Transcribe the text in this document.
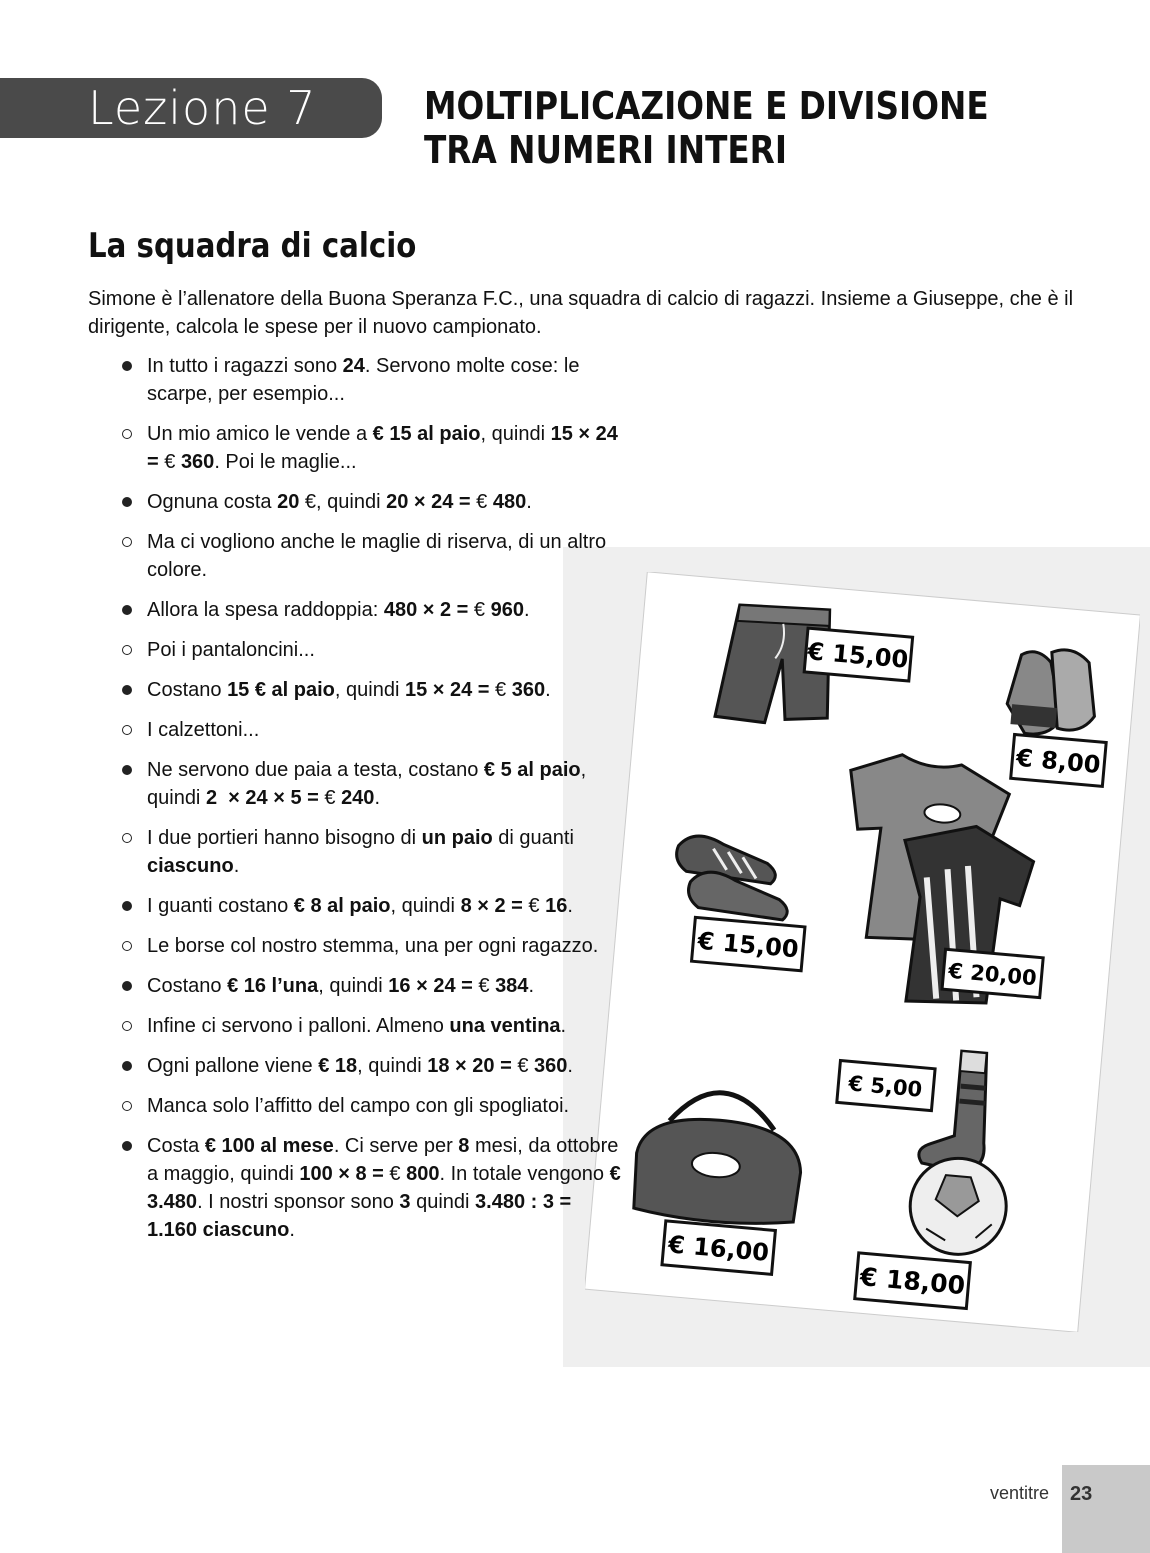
Lezione 7	MOLTIPLICAZIONE E DIVISIONE
TRA NUMERI INTERI
La squadra di calcio
Simone è l’allenatore della Buona Speranza F.C., una squadra di calcio di ragazzi. Insieme a Giuseppe, che è il dirigente, calcola le spese per il nuovo campionato.
€ 15,00
€ 8,00
€ 15,00
€ 20,00
€ 5,00
€ 16,00
€ 18,00
In tutto i ragazzi sono 24. Servono molte cose: le scarpe, per esempio...
Un mio amico le vende a € 15 al paio, quindi 15 × 24 = € 360. Poi le maglie...
Ognuna costa 20 €, quindi 20 × 24 = € 480.
Ma ci vogliono anche le maglie di riserva, di un altro colore.
Allora la spesa raddoppia: 480 × 2 = € 960.
Poi i pantaloncini...
Costano 15 € al paio, quindi 15 × 24 = € 360.
I calzettoni...
Ne servono due paia a testa, costano € 5 al paio, quindi 2  × 24 × 5 = € 240.
I due portieri hanno bisogno di un paio di guanti ciascuno.
I guanti costano € 8 al paio, quindi 8 × 2 = € 16.
Le borse col nostro stemma, una per ogni ragazzo.
Costano € 16 l’una, quindi 16 × 24 = € 384.
Infine ci servono i palloni. Almeno una ventina.
Ogni pallone viene € 18, quindi 18 × 20 = € 360.
Manca solo l’affitto del campo con gli spogliatoi.
Costa € 100 al mese. Ci serve per 8 mesi, da ottobre a maggio, quindi 100 × 8 = € 800. In totale vengono € 3.480. I nostri sponsor sono 3 quindi 3.480 : 3 = 1.160 ciascuno.
ventitre 23
